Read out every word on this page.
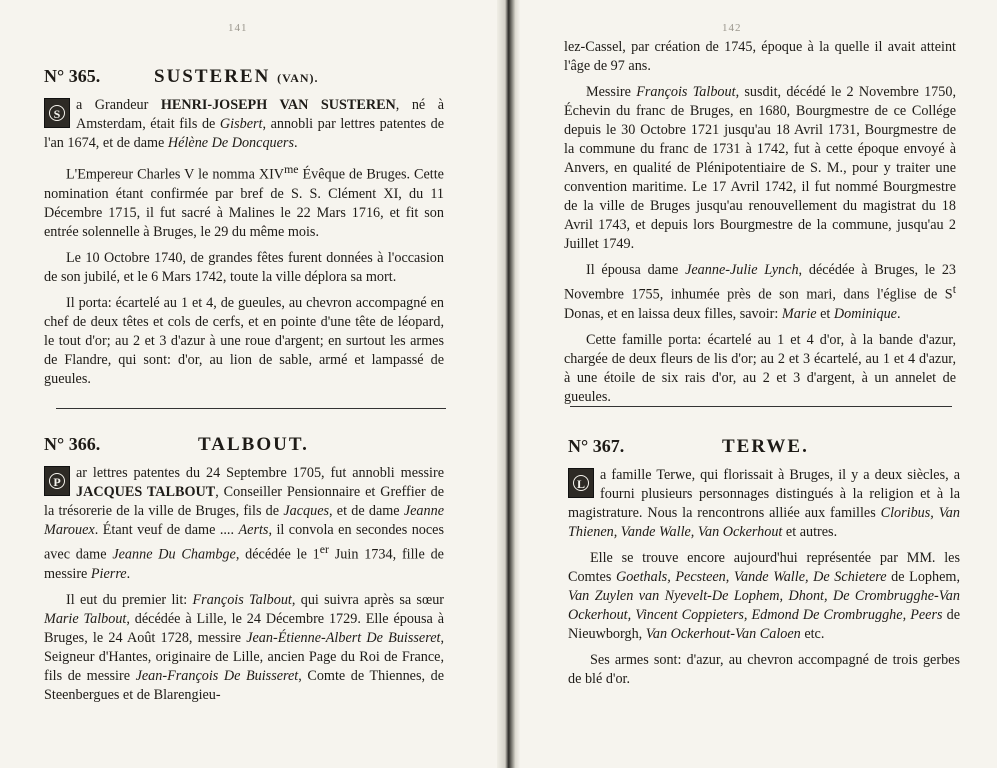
141
N° 365.	SUSTEREN (VAN).

S
a Grandeur HENRI-JOSEPH VAN SUSTEREN, né à Amsterdam, était fils de Gisbert, annobli par lettres patentes de l'an 1674, et de dame Hélène De Doncquers.

L'Empereur Charles V le nomma $XIV^{me}$ Évêque de Bruges. Cette nomination étant confirmée par bref de S. S. Clément XI, du 11 Décembre 1715, il fut sacré à Malines le 22 Mars 1716, et fit son entrée solennelle à Bruges, le 29 du même mois.

Le 10 Octobre 1740, de grandes fêtes furent données à l'occasion de son jubilé, et le 6 Mars 1742, toute la ville déplora sa mort.

Il porta: écartelé au 1 et 4, de gueules, au chevron accompagné en chef de deux têtes et cols de cerfs, et en pointe d'une tête de léopard, le tout d'or; au 2 et 3 d'azur à une roue d'argent; en surtout les armes de Flandre, qui sont: d'or, au lion de sable, armé et lampassé de gueules.

N° 366.	TALBOUT.

P
ar lettres patentes du 24 Septembre 1705, fut annobli messire JACQUES TALBOUT, Conseiller Pensionnaire et Greffier de la trésorerie de la ville de Bruges, fils de Jacques, et de dame Jeanne Marouex. Étant veuf de dame .... Aerts, il convola en secondes noces avec dame Jeanne Du Chambge, décédée le 1er Juin 1734, fille de messire Pierre.

Il eut du premier lit: François Talbout, qui suivra après sa sœur Marie Talbout, décédée à Lille, le 24 Décembre 1729. Elle épousa à Bruges, le 24 Août 1728, messire Jean-Étienne-Albert De Buisseret, Seigneur d'Hantes, originaire de Lille, ancien Page du Roi de France, fils de messire Jean-François De Buisseret, Comte de Thiennes, de Steenbergues et de Blarengieu-

142

lez-Cassel, par création de 1745, époque à la quelle il avait atteint l'âge de 97 ans.

Messire François Talbout, susdit, décédé le 2 Novembre 1750, Échevin du franc de Bruges, en 1680, Bourgmestre de ce Collége depuis le 30 Octobre 1721 jusqu'au 18 Avril 1731, Bourgmestre de la commune du franc de 1731 à 1742, fut à cette époque envoyé à Anvers, en qualité de Plénipotentiaire de S. M., pour y traiter une convention maritime. Le 17 Avril 1742, il fut nommé Bourgmestre de la ville de Bruges jusqu'au renouvellement du magistrat du 18 Avril 1743, et depuis lors Bourgmestre de la commune, jusqu'au 2 Juillet 1749.

Il épousa dame Jeanne-Julie Lynch, décédée à Bruges, le 23 Novembre 1755, inhumée près de son mari, dans l'église de $S^t$ Donas, et en laissa deux filles, savoir: Marie et Dominique.

Cette famille porta: écartelé au 1 et 4 d'or, à la bande d'azur, chargée de deux fleurs de lis d'or; au 2 et 3 écartelé, au 1 et 4 d'azur, à une étoile de six rais d'or, au 2 et 3 d'argent, à un annelet de gueules.

N° 367.	TERWE.

L
a famille Terwe, qui florissait à Bruges, il y a deux siècles, a fourni plusieurs personnages distingués à la religion et à la magistrature. Nous la rencontrons alliée aux familles Cloribus, Van Thienen, Vande Walle, Van Ockerhout et autres.

Elle se trouve encore aujourd'hui représentée par MM. les Comtes Goethals, Pecsteen, Vande Walle, De Schietere de Lophem, Van Zuylen van Nyevelt-De Lophem, Dhont, De Crombrugghe-Van Ockerhout, Vincent Coppieters, Edmond De Crombrugghe, Peers de Nieuwborgh, Van Ockerhout-Van Caloen etc.

Ses armes sont: d'azur, au chevron accompagné de trois gerbes de blé d'or.
